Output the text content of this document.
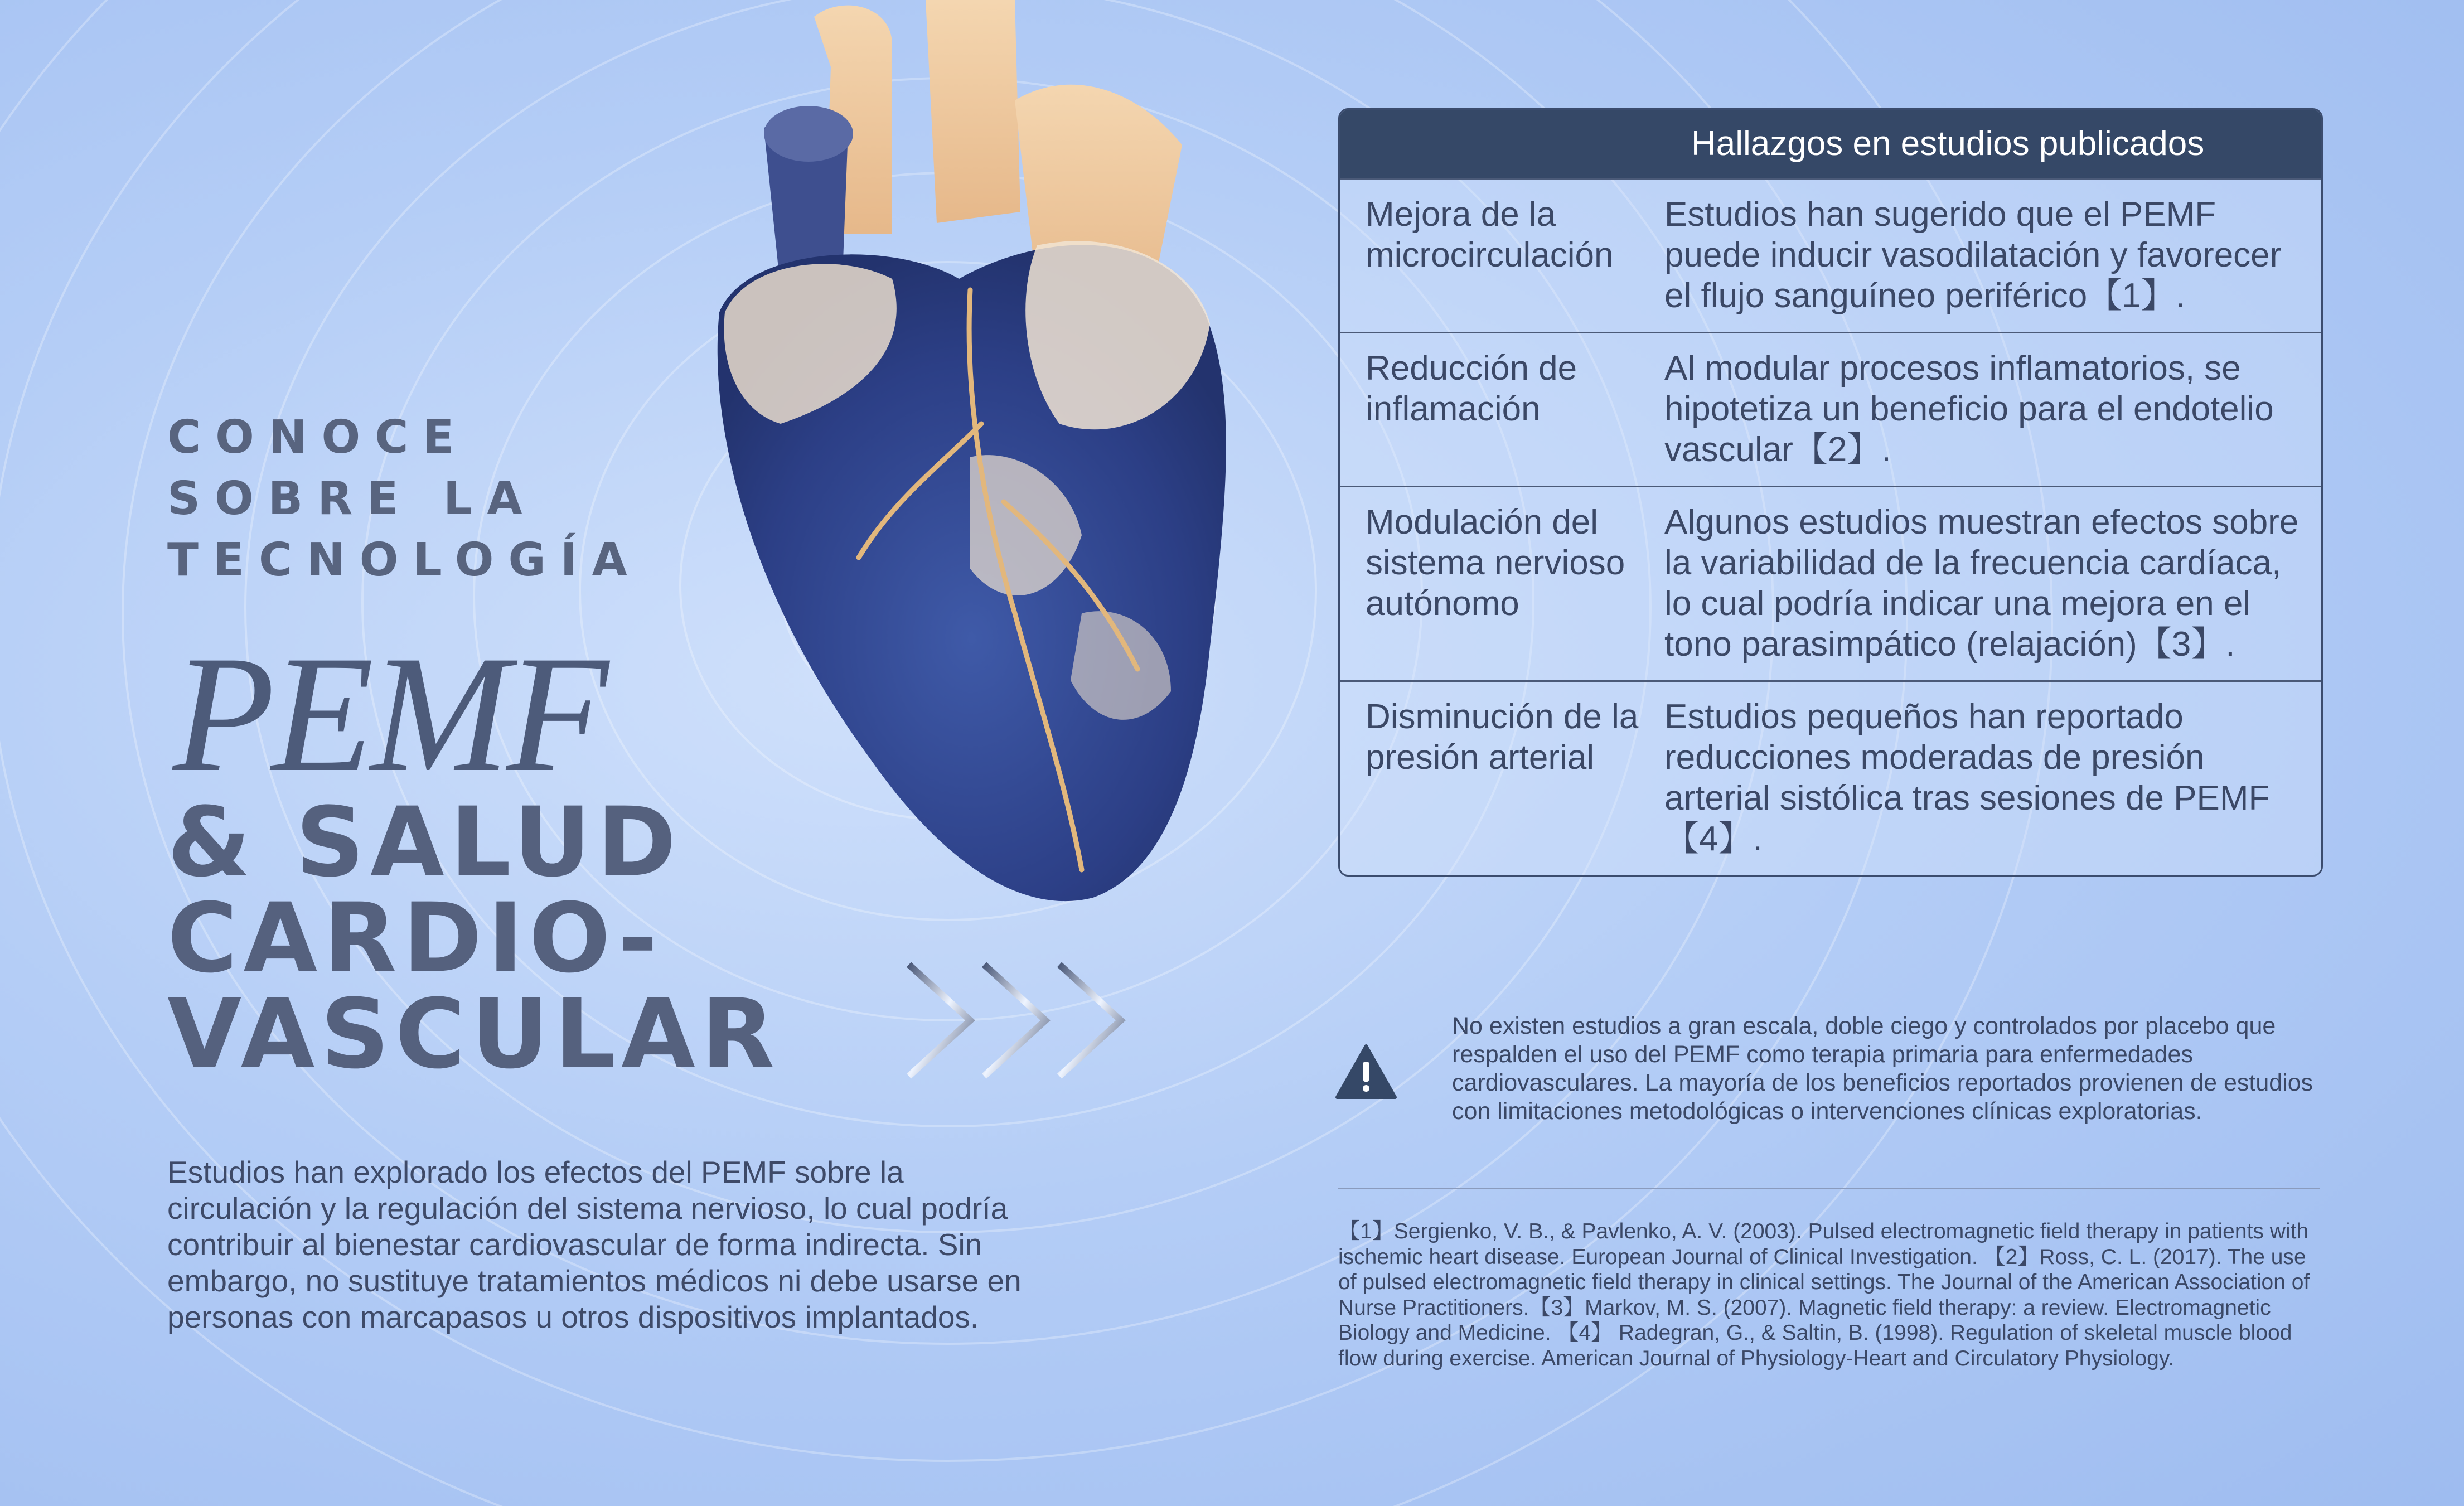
CONOCE
SOBRE LA
TECNOLOGÍA
PEMF
& SALUD
CARDIO-
VASCULAR
Estudios han explorado los efectos del PEMF sobre la circulación y la regulación del sistema nervioso, lo cual podría contribuir al bienestar cardiovascular de forma indirecta. Sin embargo, no sustituye tratamientos médicos ni debe usarse en personas con marcapasos u otros dispositivos implantados.
Hallazgos en estudios publicados
Mejora de la microcirculación
Estudios han sugerido que el PEMF puede inducir vasodilatación y favorecer el flujo sanguíneo periférico【1】.
Reducción de inflamación
Al modular procesos inflamatorios, se hipotetiza un beneficio para el endotelio vascular【2】.
Modulación del sistema nervioso autónomo
Algunos estudios muestran efectos sobre la variabilidad de la frecuencia cardíaca, lo cual podría indicar una mejora en el tono parasimpático (relajación)【3】.
Disminución de la presión arterial
Estudios pequeños han reportado reducciones moderadas de presión arterial sistólica tras sesiones de PEMF【4】.
No existen estudios a gran escala, doble ciego y controlados por placebo que respalden el uso del PEMF como terapia primaria para enfermedades cardiovasculares. La mayoría de los beneficios reportados provienen de estudios con limitaciones metodológicas o intervenciones clínicas exploratorias.
【1】Sergienko, V. B., & Pavlenko, A. V. (2003). Pulsed electromagnetic field therapy in patients with ischemic heart disease. European Journal of Clinical Investigation. 【2】Ross, C. L. (2017). The use of pulsed electromagnetic field therapy in clinical settings. The Journal of the American Association of Nurse Practitioners.【3】Markov, M. S. (2007). Magnetic field therapy: a review. Electromagnetic Biology and Medicine. 【4】 Radegran, G., & Saltin, B. (1998). Regulation of skeletal muscle blood flow during exercise. American Journal of Physiology-Heart and Circulatory Physiology.
